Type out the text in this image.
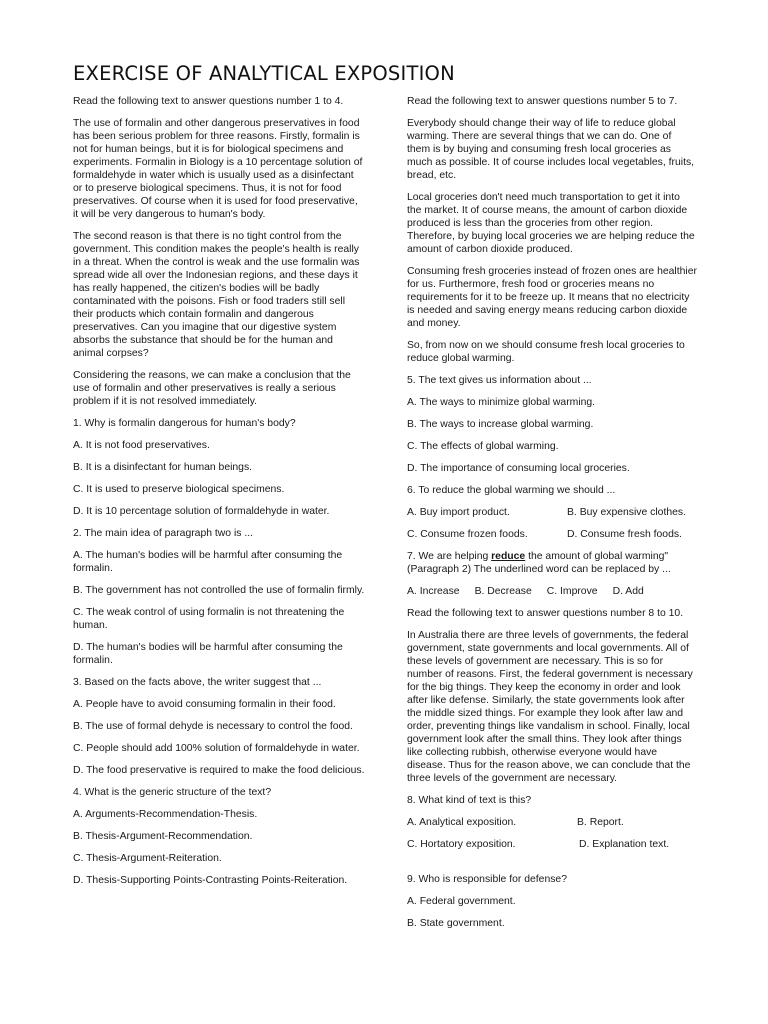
EXERCISE OF ANALYTICAL EXPOSITION

Read the following text to answer questions number 1 to 4.

The use of formalin and other dangerous preservatives in food has been serious problem for three reasons. Firstly, formalin is not for human beings, but it is for biological specimens and experiments. Formalin in Biology is a 10 percentage solution of formaldehyde in water which is usually used as a disinfectant or to preserve biological specimens. Thus, it is not for food preservatives. Of course when it is used for food preservative, it will be very dangerous to human's body.

The second reason is that there is no tight control from the government. This condition makes the people's health is really in a threat. When the control is weak and the use formalin was spread wide all over the Indonesian regions, and these days it has really happened, the citizen's bodies will be badly contaminated with the poisons. Fish or food traders still sell their products which contain formalin and dangerous preservatives. Can you imagine that our digestive system absorbs the substance that should be for the human and animal corpses?

Considering the reasons, we can make a conclusion that the use of formalin and other preservatives is really a serious problem if it is not resolved immediately.

1. Why is formalin dangerous for human's body?

A. It is not food preservatives.

B. It is a disinfectant for human beings.

C. It is used to preserve biological specimens.

D. It is 10 percentage solution of formaldehyde in water.

2. The main idea of paragraph two is ...

A. The human's bodies will be harmful after consuming the formalin.

B. The government has not controlled the use of formalin firmly.

C. The weak control of using formalin is not threatening the human.

D. The human's bodies will be harmful after consuming the formalin.

3. Based on the facts above, the writer suggest that ...

A. People have to avoid consuming formalin in their food.

B. The use of formal dehyde is necessary to control the food.

C. People should add 100% solution of formaldehyde in water.

D. The food preservative is required to make the food delicious.

4. What is the generic structure of the text?

A. Arguments-Recommendation-Thesis.

B. Thesis-Argument-Recommendation.

C. Thesis-Argument-Reiteration.

D. Thesis-Supporting Points-Contrasting Points-Reiteration.

Read the following text to answer questions number 5 to 7.

Everybody should change their way of life to reduce global warming. There are several things that we can do. One of them is by buying and consuming fresh local groceries as much as possible. It of course includes local vegetables, fruits, bread, etc.

Local groceries don't need much transportation to get it into the market. It of course means, the amount of carbon dioxide produced is less than the groceries from other region. Therefore, by buying local groceries we are helping reduce the amount of carbon dioxide produced.

Consuming fresh groceries instead of frozen ones are healthier for us. Furthermore, fresh food or groceries means no requirements for it to be freeze up. It means that no electricity is needed and saving energy means reducing carbon dioxide and money.

So, from now on we should consume fresh local groceries to reduce global warming.

5. The text gives us information about ...

A. The ways to minimize global warming.

B. The ways to increase global warming.

C. The effects of global warming.

D. The importance of consuming local groceries.

6. To reduce the global warming we should ...

A. Buy import product.	B. Buy expensive clothes.
C. Consume frozen foods.	D. Consume fresh foods.

7. We are helping reduce the amount of global warming" (Paragraph 2) The underlined word can be replaced by ...

A. Increase B. Decrease C. Improve D. Add

Read the following text to answer questions number 8 to 10.

In Australia there are three levels of governments, the federal government, state governments and local governments. All of these levels of government are necessary. This is so for number of reasons. First, the federal government is necessary for the big things. They keep the economy in order and look after like defense. Similarly, the state governments look after the middle sized things. For example they look after law and order, preventing things like vandalism in school. Finally, local government look after the small thins. They look after things like collecting rubbish, otherwise everyone would have disease. Thus for the reason above, we can conclude that the three levels of the government are necessary.

8. What kind of text is this?

A. Analytical exposition.	B. Report.
C. Hortatory exposition.	D. Explanation text.

9. Who is responsible for defense?

A. Federal government.

B. State government.
